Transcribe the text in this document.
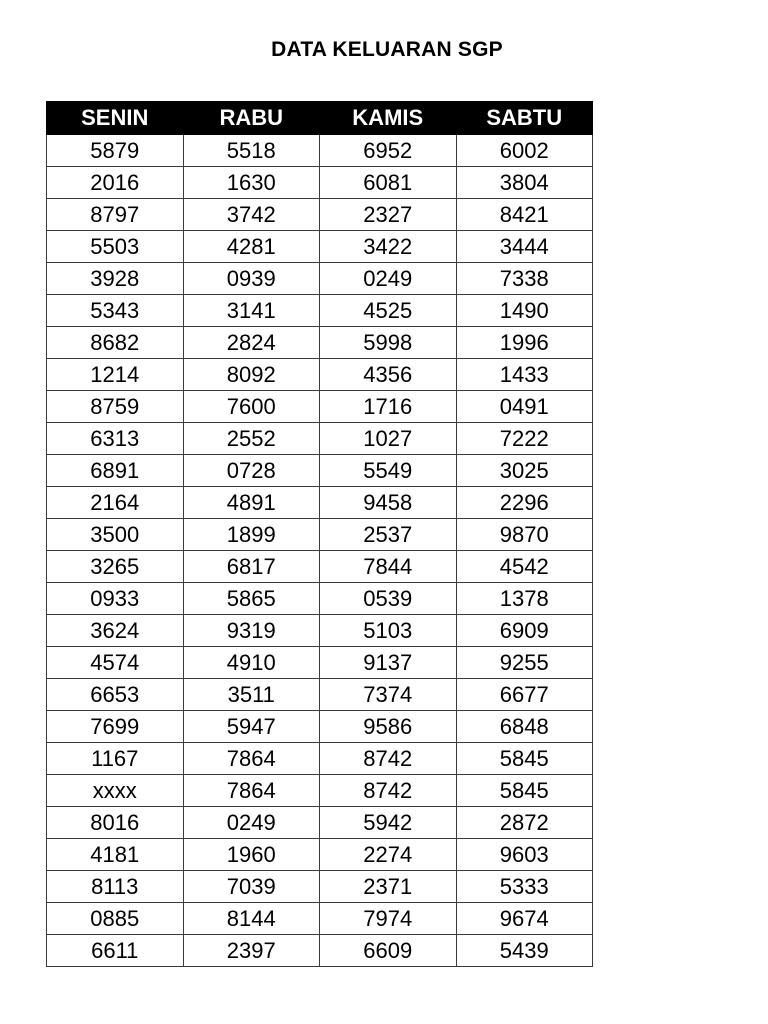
DATA KELUARAN SGP
SENIN	RABU	KAMIS	SABTU
5879	5518	6952	6002
2016	1630	6081	3804
8797	3742	2327	8421
5503	4281	3422	3444
3928	0939	0249	7338
5343	3141	4525	1490
8682	2824	5998	1996
1214	8092	4356	1433
8759	7600	1716	0491
6313	2552	1027	7222
6891	0728	5549	3025
2164	4891	9458	2296
3500	1899	2537	9870
3265	6817	7844	4542
0933	5865	0539	1378
3624	9319	5103	6909
4574	4910	9137	9255
6653	3511	7374	6677
7699	5947	9586	6848
1167	7864	8742	5845
xxxx	7864	8742	5845
8016	0249	5942	2872
4181	1960	2274	9603
8113	7039	2371	5333
0885	8144	7974	9674
6611	2397	6609	5439
